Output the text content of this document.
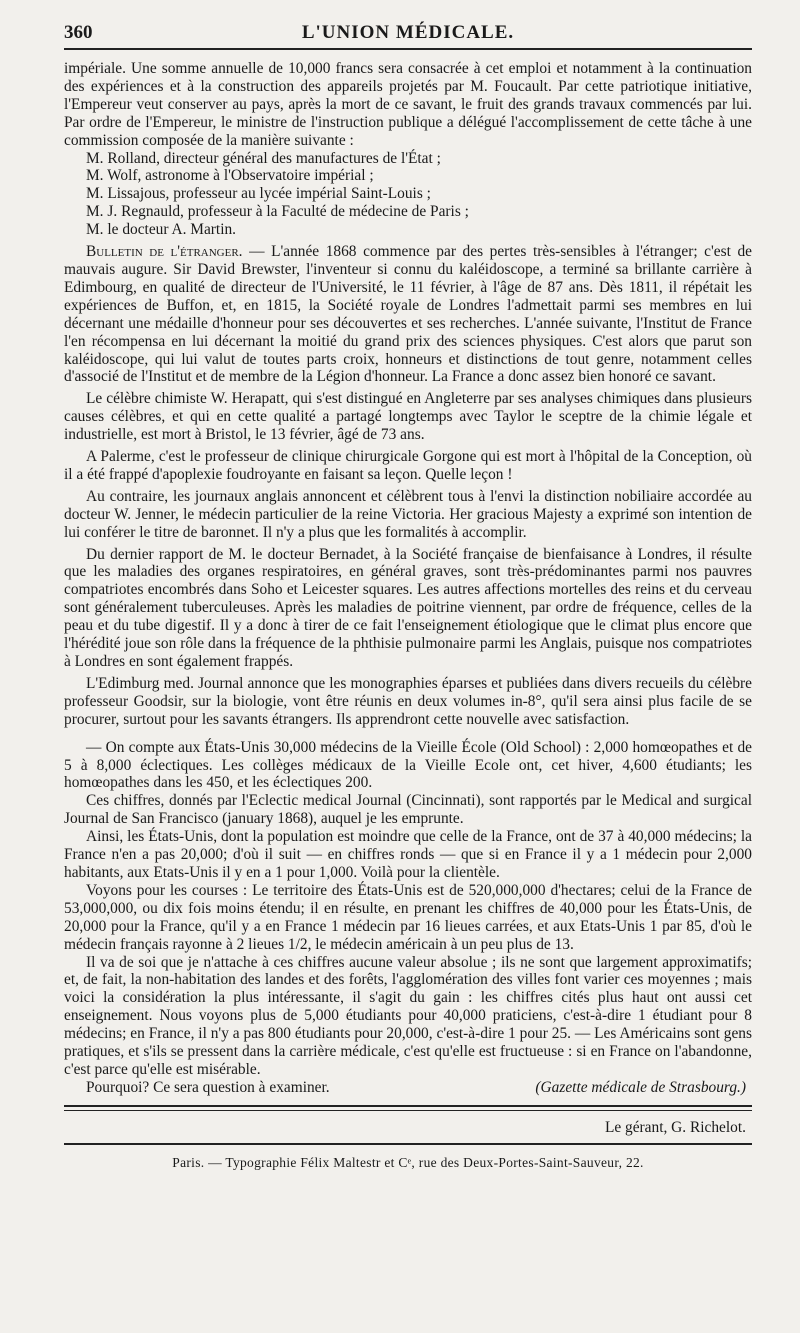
360	L'UNION MÉDICALE.

impériale. Une somme annuelle de 10,000 francs sera consacrée à cet emploi et notamment à la continuation des expériences et à la construction des appareils projetés par M. Foucault. Par cette patriotique initiative, l'Empereur veut conserver au pays, après la mort de ce savant, le fruit des grands travaux commencés par lui. Par ordre de l'Empereur, le ministre de l'instruction publique a délégué l'accomplissement de cette tâche à une commission composée de la manière suivante :

M. Rolland, directeur général des manufactures de l'État ;
M. Wolf, astronome à l'Observatoire impérial ;
M. Lissajous, professeur au lycée impérial Saint-Louis ;
M. J. Regnauld, professeur à la Faculté de médecine de Paris ;
M. le docteur A. Martin.

Bulletin de l'étranger. — L'année 1868 commence par des pertes très-sensibles à l'étranger; c'est de mauvais augure. Sir David Brewster, l'inventeur si connu du kaléidoscope, a terminé sa brillante carrière à Edimbourg, en qualité de directeur de l'Université, le 11 février, à l'âge de 87 ans. Dès 1811, il répétait les expériences de Buffon, et, en 1815, la Société royale de Londres l'admettait parmi ses membres en lui décernant une médaille d'honneur pour ses découvertes et ses recherches. L'année suivante, l'Institut de France l'en récompensa en lui décernant la moitié du grand prix des sciences physiques. C'est alors que parut son kaléidoscope, qui lui valut de toutes parts croix, honneurs et distinctions de tout genre, notamment celles d'associé de l'Institut et de membre de la Légion d'honneur. La France a donc assez bien honoré ce savant.

Le célèbre chimiste W. Herapatt, qui s'est distingué en Angleterre par ses analyses chimiques dans plusieurs causes célèbres, et qui en cette qualité a partagé longtemps avec Taylor le sceptre de la chimie légale et industrielle, est mort à Bristol, le 13 février, âgé de 73 ans.

A Palerme, c'est le professeur de clinique chirurgicale Gorgone qui est mort à l'hôpital de la Conception, où il a été frappé d'apoplexie foudroyante en faisant sa leçon. Quelle leçon !

Au contraire, les journaux anglais annoncent et célèbrent tous à l'envi la distinction nobiliaire accordée au docteur W. Jenner, le médecin particulier de la reine Victoria. Her gracious Majesty a exprimé son intention de lui conférer le titre de baronnet. Il n'y a plus que les formalités à accomplir.

Du dernier rapport de M. le docteur Bernadet, à la Société française de bienfaisance à Londres, il résulte que les maladies des organes respiratoires, en général graves, sont très-prédominantes parmi nos pauvres compatriotes encombrés dans Soho et Leicester squares. Les autres affections mortelles des reins et du cerveau sont généralement tuberculeuses. Après les maladies de poitrine viennent, par ordre de fréquence, celles de la peau et du tube digestif. Il y a donc à tirer de ce fait l'enseignement étiologique que le climat plus encore que l'hérédité joue son rôle dans la fréquence de la phthisie pulmonaire parmi les Anglais, puisque nos compatriotes à Londres en sont également frappés.

L'Edimburg med. Journal annonce que les monographies éparses et publiées dans divers recueils du célèbre professeur Goodsir, sur la biologie, vont être réunis en deux volumes in-8°, qu'il sera ainsi plus facile de se procurer, surtout pour les savants étrangers. Ils apprendront cette nouvelle avec satisfaction.

— On compte aux États-Unis 30,000 médecins de la Vieille École (Old School) : 2,000 homœopathes et de 5 à 8,000 éclectiques. Les collèges médicaux de la Vieille Ecole ont, cet hiver, 4,600 étudiants; les homœopathes dans les 450, et les éclectiques 200.

Ces chiffres, donnés par l'Eclectic medical Journal (Cincinnati), sont rapportés par le Medical and surgical Journal de San Francisco (january 1868), auquel je les emprunte.

Ainsi, les États-Unis, dont la population est moindre que celle de la France, ont de 37 à 40,000 médecins; la France n'en a pas 20,000; d'où il suit — en chiffres ronds — que si en France il y a 1 médecin pour 2,000 habitants, aux Etats-Unis il y en a 1 pour 1,000. Voilà pour la clientèle.

Voyons pour les courses : Le territoire des États-Unis est de 520,000,000 d'hectares; celui de la France de 53,000,000, ou dix fois moins étendu; il en résulte, en prenant les chiffres de 40,000 pour les États-Unis, de 20,000 pour la France, qu'il y a en France 1 médecin par 16 lieues carrées, et aux Etats-Unis 1 par 85, d'où le médecin français rayonne à 2 lieues 1/2, le médecin américain à un peu plus de 13.

Il va de soi que je n'attache à ces chiffres aucune valeur absolue ; ils ne sont que largement approximatifs; et, de fait, la non-habitation des landes et des forêts, l'agglomération des villes font varier ces moyennes ; mais voici la considération la plus intéressante, il s'agit du gain : les chiffres cités plus haut ont aussi cet enseignement. Nous voyons plus de 5,000 étudiants pour 40,000 praticiens, c'est-à-dire 1 étudiant pour 8 médecins; en France, il n'y a pas 800 étudiants pour 20,000, c'est-à-dire 1 pour 25. — Les Américains sont gens pratiques, et s'ils se pressent dans la carrière médicale, c'est qu'elle est fructueuse : si en France on l'abandonne, c'est parce qu'elle est misérable.

Pourquoi? Ce sera question à examiner.	(Gazette médicale de Strasbourg.)
Le gérant, G. Richelot.
Paris. — Typographie Félix Maltestr et Cᵉ, rue des Deux-Portes-Saint-Sauveur, 22.
